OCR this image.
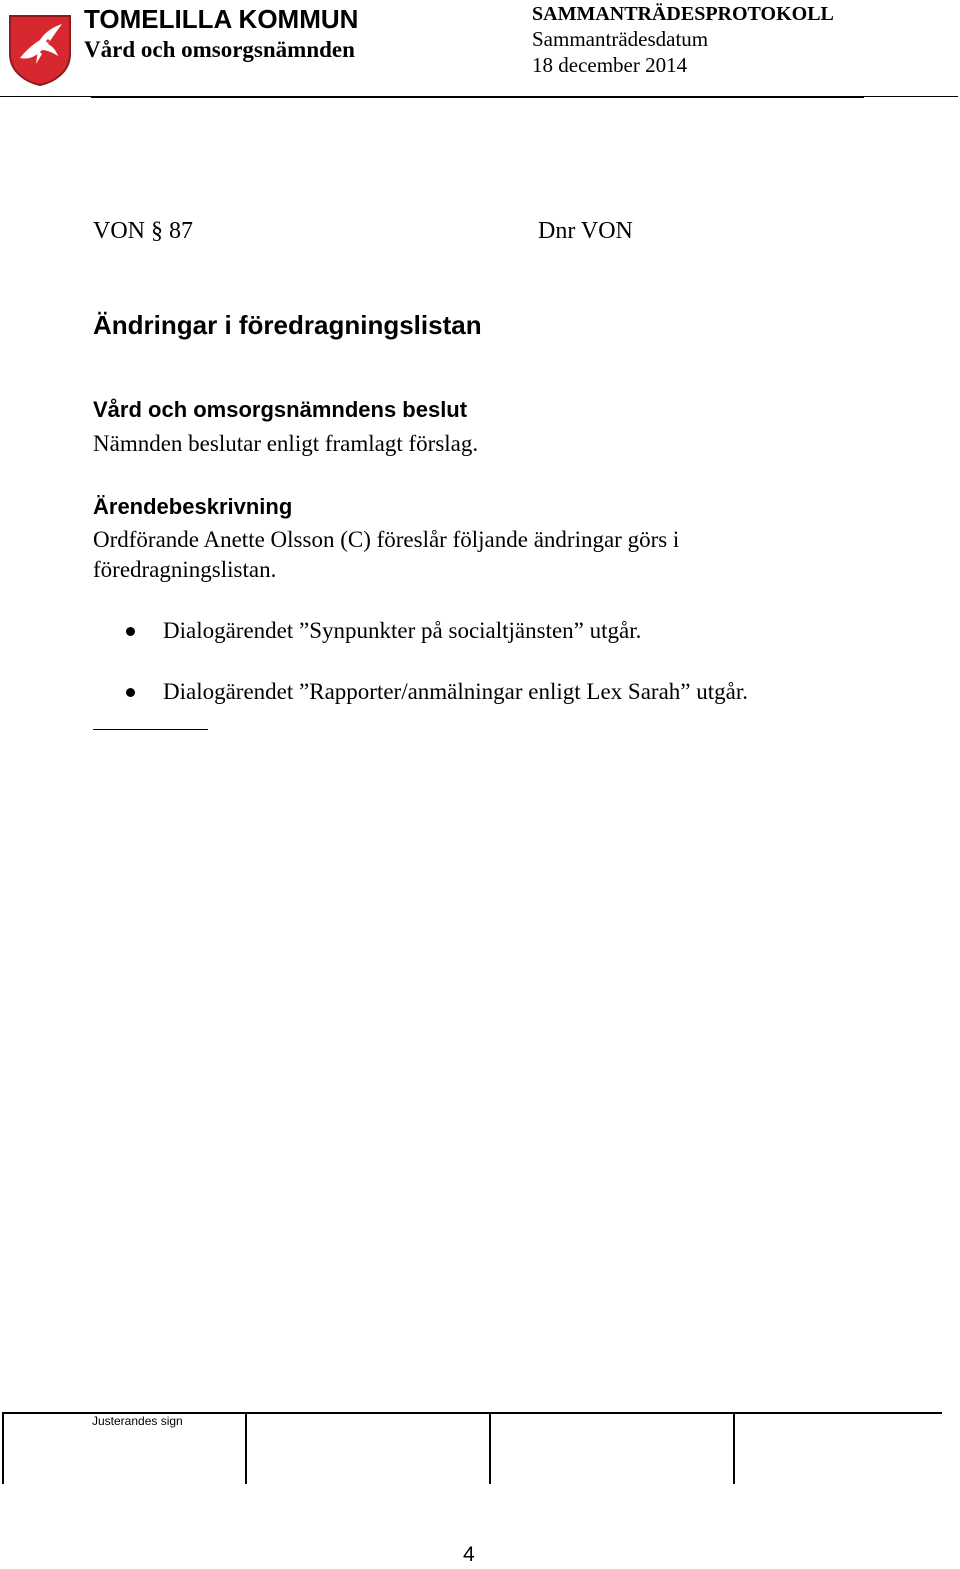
TOMELILLA KOMMUN
Vård och omsorgsnämnden
SAMMANTRÄDESPROTOKOLL
Sammanträdesdatum
18 december 2014
VON § 87	Dnr VON
Ändringar i föredragningslistan
Vård och omsorgsnämndens beslut
Nämnden beslutar enligt framlagt förslag.
Ärendebeskrivning
Ordförande Anette Olsson (C) föreslår följande ändringar görs i föredragningslistan.
Dialogärendet ”Synpunkter på socialtjänsten” utgår.
Dialogärendet ”Rapporter/anmälningar enligt Lex Sarah” utgår.
Justerandes sign
4
